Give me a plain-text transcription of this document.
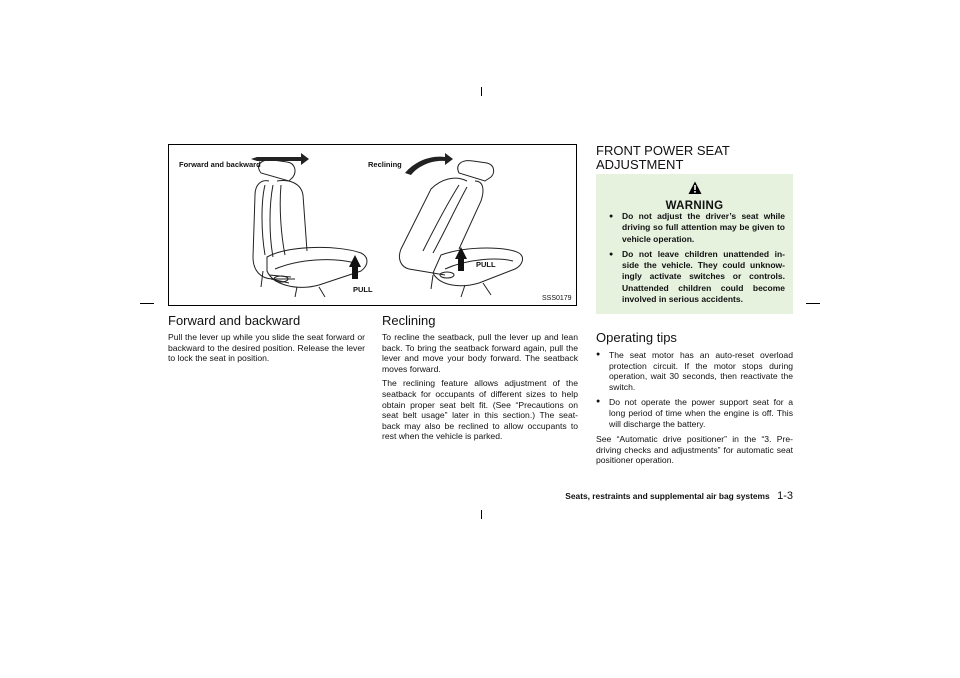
Forward and backward	Reclining
PULL
PULL
SSS0179
Forward and backward

Pull the lever up while you slide the seat forward or backward to the desired position. Release the lever to lock the seat in position.

Reclining

To recline the seatback, pull the lever up and lean back. To bring the seatback forward again, pull the lever and move your body forward. The seatback moves forward.

The reclining feature allows adjustment of the seatback for occupants of different sizes to help obtain proper seat belt fit. (See “Precautions on seat belt usage” later in this section.) The seat-back may also be reclined to allow occupants to rest when the vehicle is parked.

FRONT POWER SEAT
ADJUSTMENT
WARNING
● Do not adjust the driver’s seat while driving so full attention may be given to vehicle operation.
● Do not leave children unattended in-side the vehicle. They could unknow-ingly activate switches or controls. Unattended children could become involved in serious accidents.
Operating tips
● The seat motor has an auto-reset overload protection circuit. If the motor stops during operation, wait 30 seconds, then reactivate the switch.
● Do not operate the power support seat for a long period of time when the engine is off. This will discharge the battery.

See “Automatic drive positioner” in the “3. Pre-driving checks and adjustments” for automatic seat positioner operation.

Seats, restraints and supplemental air bag systems 1-3
